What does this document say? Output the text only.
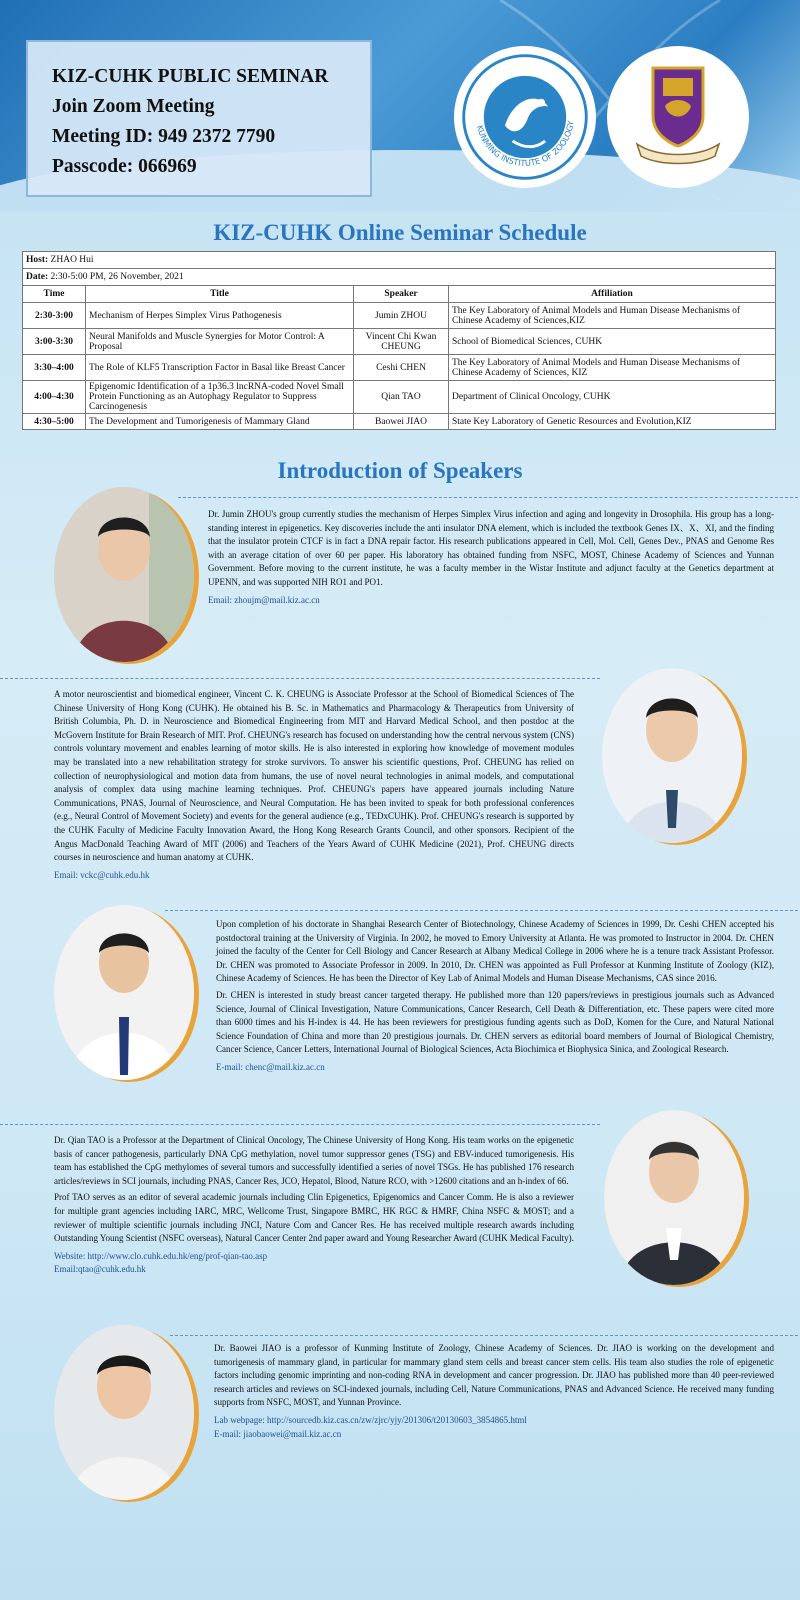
KIZ-CUHK PUBLIC SEMINAR
Join Zoom Meeting
Meeting ID: 949 2372 7790
Passcode: 066969
KUNMING INSTITUTE OF ZOOLOGY
KIZ-CUHK Online Seminar Schedule
Host: ZHAO Hui			
Date: 2:30-5:00 PM, 26 November, 2021			
Time	Title	Speaker	Affiliation
2:30-3:00	Mechanism of Herpes Simplex Virus Pathogenesis	Jumin ZHOU	The Key Laboratory of Animal Models and Human Disease Mechanisms of Chinese Academy of Sciences,KIZ
3:00-3:30	Neural Manifolds and Muscle Synergies for Motor Control: A Proposal	Vincent Chi Kwan CHEUNG	School of Biomedical Sciences, CUHK
3:30–4:00	The Role of KLF5 Transcription Factor in Basal like Breast Cancer	Ceshi CHEN	The Key Laboratory of Animal Models and Human Disease Mechanisms of Chinese Academy of Sciences, KIZ
4:00–4:30	Epigenomic Identification of a 1p36.3 lncRNA-coded Novel Small Protein Functioning as an Autophagy Regulator to Suppress Carcinogenesis	Qian TAO	Department of Clinical Oncology, CUHK
4:30–5:00	The Development and Tumorigenesis of Mammary Gland	Baowei JIAO	State Key Laboratory of Genetic Resources and Evolution,KIZ
Introduction of Speakers

Dr. Jumin ZHOU's group currently studies the mechanism of Herpes Simplex Virus infection and aging and longevity in Drosophila. His group has a long-standing interest in epigenetics. Key discoveries include the anti insulator DNA element, which is included the textbook Genes IX、X、XI, and the finding that the insulator protein CTCF is in fact a DNA repair factor. His research publications appeared in Cell, Mol. Cell, Genes Dev., PNAS and Genome Res with an average citation of over 60 per paper. His laboratory has obtained funding from NSFC, MOST, Chinese Academy of Sciences and Yunnan Government. Before moving to the current institute, he was a faculty member in the Wistar Institute and adjunct faculty at the Genetics department at UPENN, and was supported NIH RO1 and PO1.

Email: zhoujm@mail.kiz.ac.cn

A motor neuroscientist and biomedical engineer, Vincent C. K. CHEUNG is Associate Professor at the School of Biomedical Sciences of The Chinese University of Hong Kong (CUHK). He obtained his B. Sc. in Mathematics and Pharmacology & Therapeutics from University of British Columbia, Ph. D. in Neuroscience and Biomedical Engineering from MIT and Harvard Medical School, and then postdoc at the McGovern Institute for Brain Research of MIT. Prof. CHEUNG's research has focused on understanding how the central nervous system (CNS) controls voluntary movement and enables learning of motor skills. He is also interested in exploring how knowledge of movement modules may be translated into a new rehabilitation strategy for stroke survivors. To answer his scientific questions, Prof. CHEUNG has relied on collection of neurophysiological and motion data from humans, the use of novel neural technologies in animal models, and computational analysis of complex data using machine learning techniques. Prof. CHEUNG's papers have appeared journals including Nature Communications, PNAS, Journal of Neuroscience, and Neural Computation. He has been invited to speak for both professional conferences (e.g., Neural Control of Movement Society) and events for the general audience (e.g., TEDxCUHK). Prof. CHEUNG's research is supported by the CUHK Faculty of Medicine Faculty Innovation Award, the Hong Kong Research Grants Council, and other sponsors. Recipient of the Angus MacDonald Teaching Award of MIT (2006) and Teachers of the Years Award of CUHK Medicine (2021), Prof. CHEUNG directs courses in neuroscience and human anatomy at CUHK.

Email: vckc@cuhk.edu.hk

Upon completion of his doctorate in Shanghai Research Center of Biotechnology, Chinese Academy of Sciences in 1999, Dr. Ceshi CHEN accepted his postdoctoral training at the University of Virginia. In 2002, he moved to Emory University at Atlanta. He was promoted to Instructor in 2004. Dr. CHEN joined the faculty of the Center for Cell Biology and Cancer Research at Albany Medical College in 2006 where he is a tenure track Assistant Professor. Dr. CHEN was promoted to Associate Professor in 2009. In 2010, Dr. CHEN was appointed as Full Professor at Kunming Institute of Zoology (KIZ), Chinese Academy of Sciences. He has been the Director of Key Lab of Animal Models and Human Disease Mechanisms, CAS since 2016.

Dr. CHEN is interested in study breast cancer targeted therapy. He published more than 120 papers/reviews in prestigious journals such as Advanced Science, Journal of Clinical Investigation, Nature Communications, Cancer Research, Cell Death & Differentiation, etc. These papers were cited more than 6000 times and his H-index is 44. He has been reviewers for prestigious funding agents such as DoD, Komen for the Cure, and Natural National Science Foundation of China and more than 20 prestigious journals. Dr. CHEN servers as editorial board members of Journal of Biological Chemistry, Cancer Science, Cancer Letters, International Journal of Biological Sciences, Acta Biochimica et Biophysica Sinica, and Zoological Research.

E-mail: chenc@mail.kiz.ac.cn

Dr. Qian TAO is a Professor at the Department of Clinical Oncology, The Chinese University of Hong Kong. His team works on the epigenetic basis of cancer pathogenesis, particularly DNA CpG methylation, novel tumor suppressor genes (TSG) and EBV-induced tumorigenesis. His team has established the CpG methylomes of several tumors and successfully identified a series of novel TSGs. He has published 176 research articles/reviews in SCI journals, including PNAS, Cancer Res, JCO, Hepatol, Blood, Nature RCO, with >12600 citations and an h-index of 66.

Prof TAO serves as an editor of several academic journals including Clin Epigenetics, Epigenomics and Cancer Comm. He is also a reviewer for multiple grant agencies including IARC, MRC, Wellcome Trust, Singapore BMRC, HK RGC & HMRF, China NSFC & MOST; and a reviewer of multiple scientific journals including JNCI, Nature Com and Cancer Res. He has received multiple research awards including Outstanding Young Scientist (NSFC overseas), Natural Cancer Center 2nd paper award and Young Researcher Award (CUHK Medical Faculty).

Website: http://www.clo.cuhk.edu.hk/eng/prof-qian-tao.asp
Email:qtao@cuhk.edu.hk

Dr. Baowei JIAO is a professor of Kunming Institute of Zoology, Chinese Academy of Sciences. Dr. JIAO is working on the development and tumorigenesis of mammary gland, in particular for mammary gland stem cells and breast cancer stem cells. His team also studies the role of epigenetic factors including genomic imprinting and non-coding RNA in development and cancer progression. Dr. JIAO has published more than 40 peer-reviewed research articles and reviews on SCI-indexed journals, including Cell, Nature Communications, PNAS and Advanced Science. He received many funding supports from NSFC, MOST, and Yunnan Province.

Lab webpage: http://sourcedb.kiz.cas.cn/zw/zjrc/yjy/201306/t20130603_3854865.html
E-mail: jiaobaowei@mail.kiz.ac.cn
